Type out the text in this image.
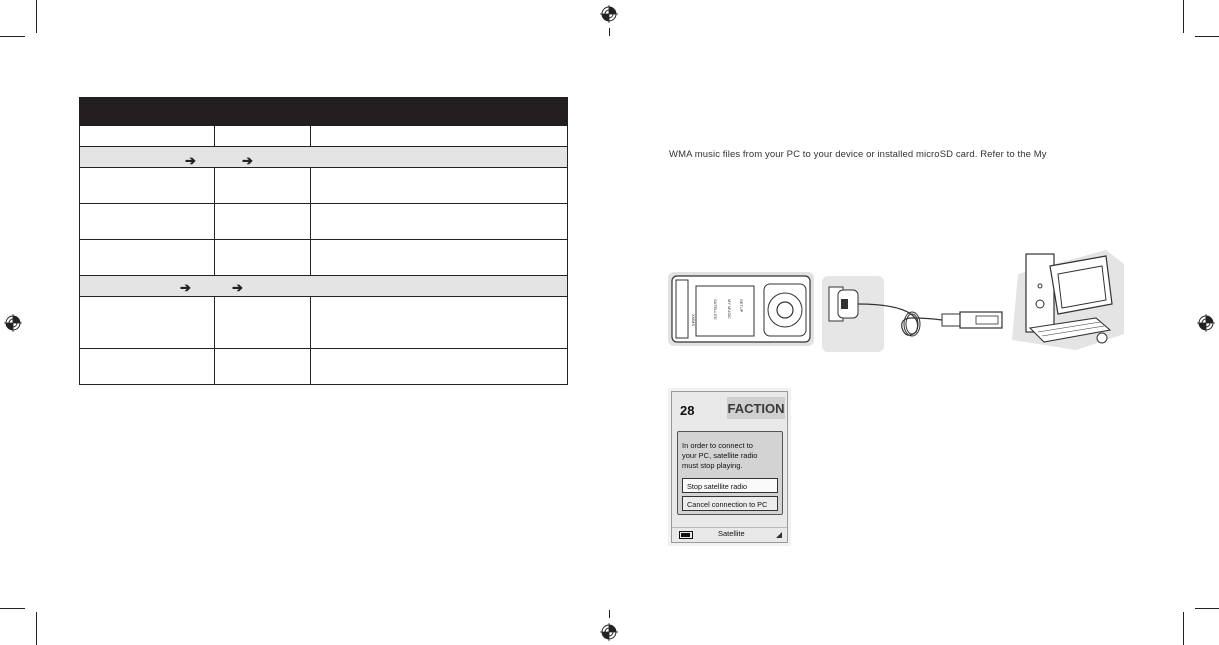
➔	➔
➔	➔
WMA music files from your PC to your device or installed microSD card. Refer to the My
XMMS
SATELLITE MY MUSIC SETUP
28	FACTION
In order to connect to
your PC, satellite radio
must stop playing.
Stop satellite radio
Cancel connection to PC
Satellite
